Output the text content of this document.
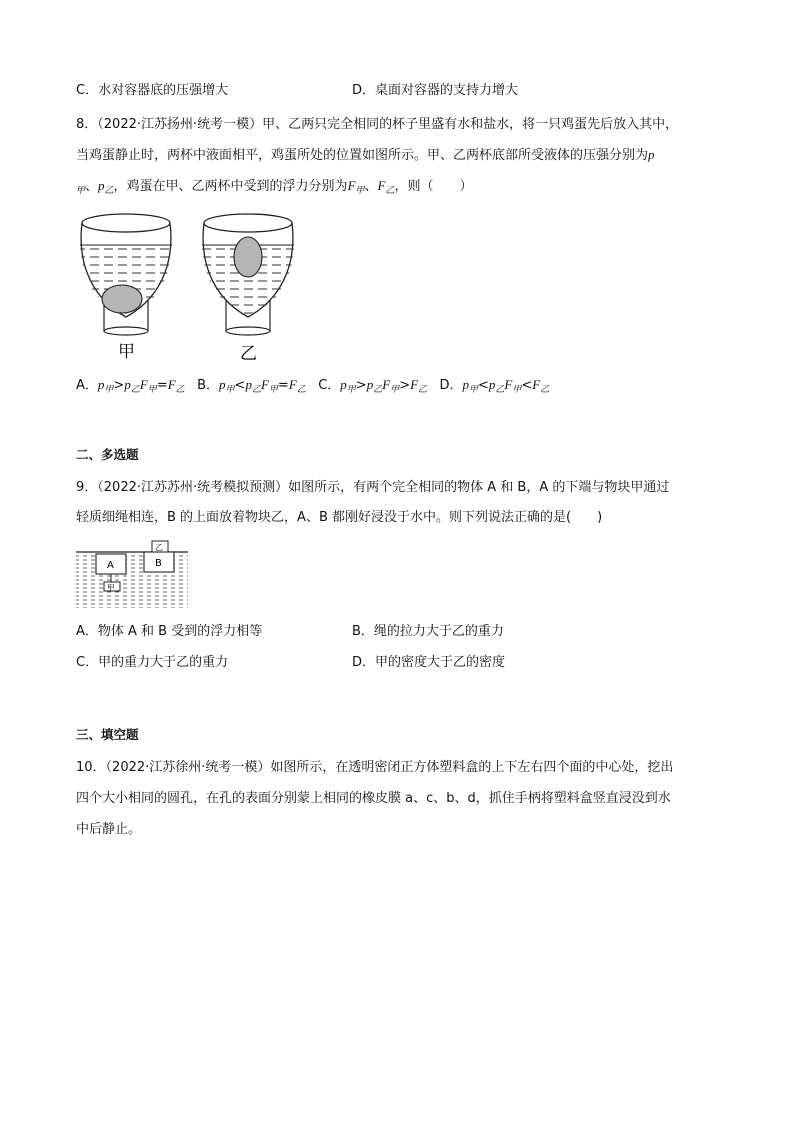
C．水对容器底的压强增大	D．桌面对容器的支持力增大
8．（2022·江苏扬州·统考一模）甲、乙两只完全相同的杯子里盛有水和盐水，将一只鸡蛋先后放入其中，
当鸡蛋静止时，两杯中液面相平，鸡蛋所处的位置如图所示。甲、乙两杯底部所受液体的压强分别为p
$_甲$、$p_乙$，鸡蛋在甲、乙两杯中受到的浮力分别为$F_甲$、$F_乙$，则（　　）
甲	乙
A．$p_甲>p_乙F_甲=F_乙$ B．$p_甲<p_乙F_甲=F_乙$ C．$p_甲>p_乙F_甲>F_乙$ D．$p_甲<p_乙F_甲<F_乙$
二、多选题
9．（2022·江苏苏州·统考模拟预测）如图所示，有两个完全相同的物体 A 和 B，A 的下端与物块甲通过
轻质细绳相连，B 的上面放着物块乙，A、B 都刚好浸没于水中。则下列说法正确的是(　　)
A
甲
B
乙
A．物体 A 和 B 受到的浮力相等	B．绳的拉力大于乙的重力
C．甲的重力大于乙的重力	D．甲的密度大于乙的密度
三、填空题
10．（2022·江苏徐州·统考一模）如图所示，在透明密闭正方体塑料盒的上下左右四个面的中心处，挖出
四个大小相同的圆孔，在孔的表面分别蒙上相同的橡皮膜 a、c、b、d，抓住手柄将塑料盒竖直浸没到水
中后静止。
